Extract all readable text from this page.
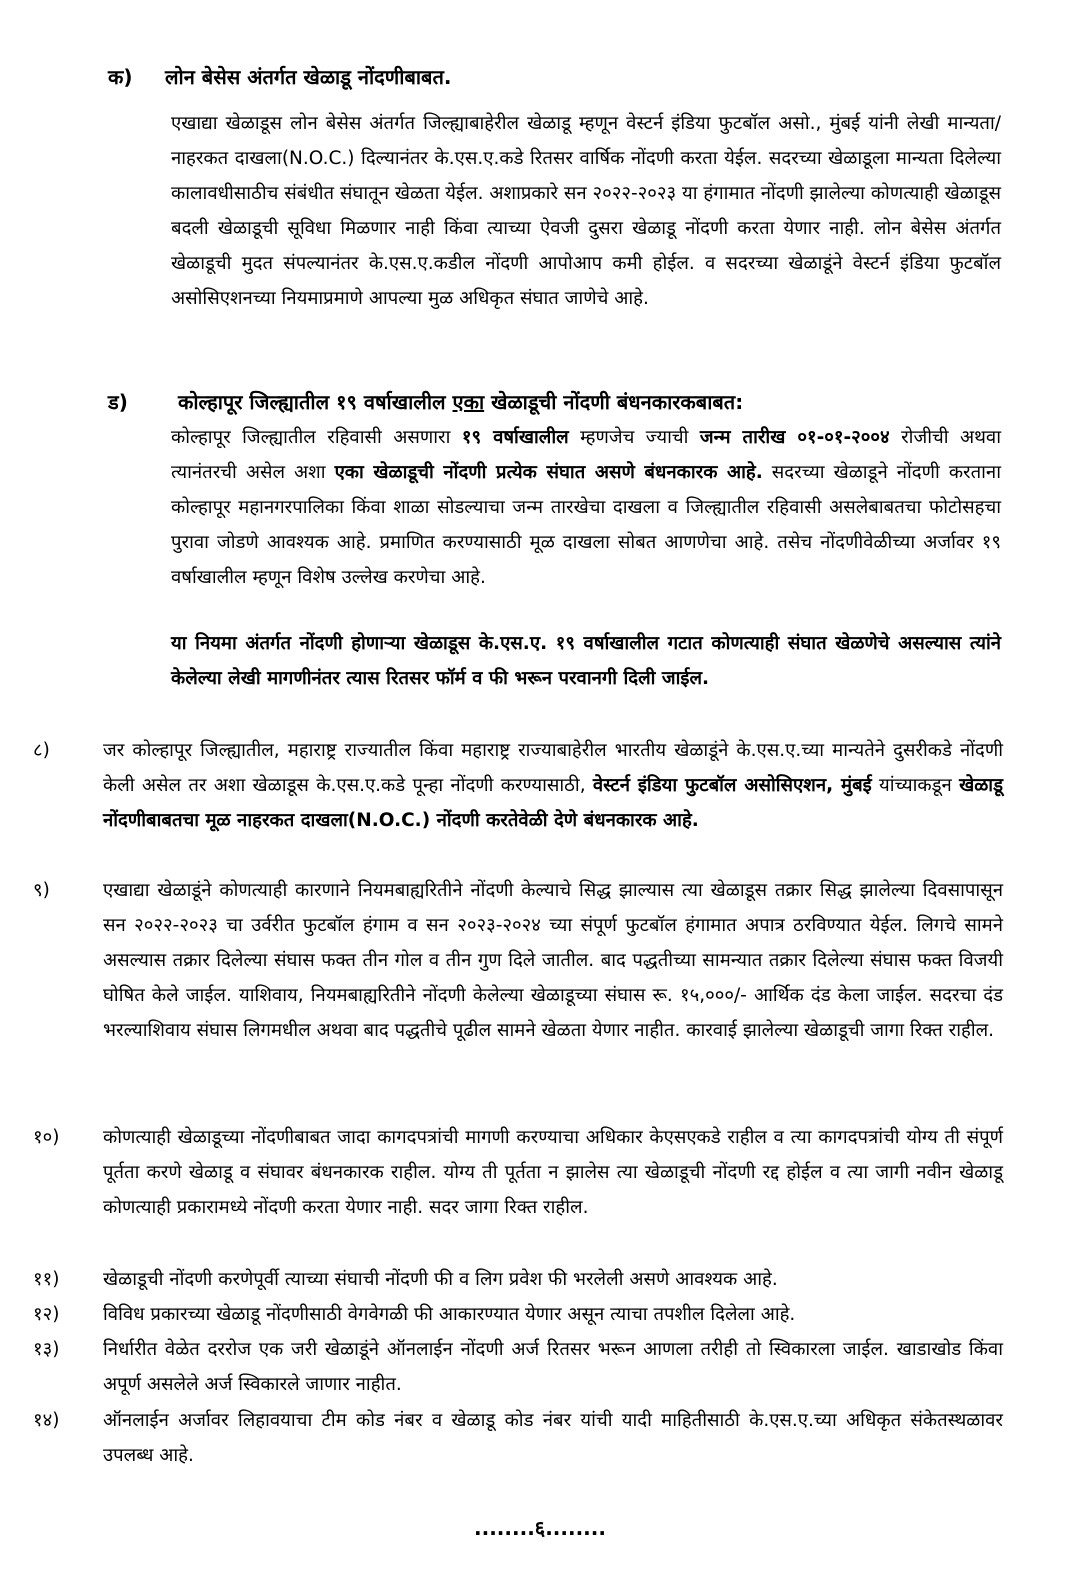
क) लोन बेसेस अंतर्गत खेळाडू नोंदणीबाबत.

एखाद्या खेळाडूस लोन बेसेस अंतर्गत जिल्ह्याबाहेरील खेळाडू म्हणून वेस्टर्न इंडिया फुटबॉल असो., मुंबई यांनी लेखी मान्यता/नाहरकत दाखला(N.O.C.) दिल्यानंतर के.एस.ए.कडे रितसर वार्षिक नोंदणी करता येईल. सदरच्या खेळाडूला मान्यता दिलेल्या कालावधीसाठीच संबंधीत संघातून खेळता येईल. अशाप्रकारे सन २०२२-२०२३ या हंगामात नोंदणी झालेल्या कोणत्याही खेळाडूस बदली खेळाडूची सूविधा मिळणार नाही किंवा त्याच्या ऐवजी दुसरा खेळाडू नोंदणी करता येणार नाही. लोन बेसेस अंतर्गत खेळाडूची मुदत संपल्यानंतर के.एस.ए.कडील नोंदणी आपोआप कमी होईल. व सदरच्या खेळाडूंने वेस्टर्न इंडिया फुटबॉल असोसिएशनच्या नियमाप्रमाणे आपल्या मुळ अधिकृत संघात जाणेचे आहे.

ड)	कोल्हापूर जिल्ह्यातील १९ वर्षाखालील एका खेळाडूची नोंदणी बंधनकारकबाबत:

कोल्हापूर जिल्ह्यातील रहिवासी असणारा १९ वर्षाखालील म्हणजेच ज्याची जन्म तारीख ०१-०१-२००४ रोजीची अथवा त्यानंतरची असेल अशा एका खेळाडूची नोंदणी प्रत्येक संघात असणे बंधनकारक आहे. सदरच्या खेळाडूने नोंदणी करताना कोल्हापूर महानगरपालिका किंवा शाळा सोडल्याचा जन्म तारखेचा दाखला व जिल्ह्यातील रहिवासी असलेबाबतचा फोटोसहचा पुरावा जोडणे आवश्यक आहे. प्रमाणित करण्यासाठी मूळ दाखला सोबत आणणेचा आहे. तसेच नोंदणीवेळीच्या अर्जावर १९ वर्षाखालील म्हणून विशेष उल्लेख करणेचा आहे.

या नियमा अंतर्गत नोंदणी होणाऱ्या खेळाडूस के.एस.ए. १९ वर्षाखालील गटात कोणत्याही संघात खेळणेचे असल्यास त्यांने केलेल्या लेखी मागणीनंतर त्यास रितसर फॉर्म व फी भरून परवानगी दिली जाईल.

८)	जर कोल्हापूर जिल्ह्यातील, महाराष्ट्र राज्यातील किंवा महाराष्ट्र राज्याबाहेरील भारतीय खेळाडूंने के.एस.ए.च्या मान्यतेने दुसरीकडे नोंदणी केली असेल तर अशा खेळाडूस के.एस.ए.कडे पून्हा नोंदणी करण्यासाठी, वेस्टर्न इंडिया फुटबॉल असोसिएशन, मुंबई यांच्याकडून खेळाडू नोंदणीबाबतचा मूळ नाहरकत दाखला(N.O.C.) नोंदणी करतेवेळी देणे बंधनकारक आहे.

९)	एखाद्या खेळाडूंने कोणत्याही कारणाने नियमबाह्यरितीने नोंदणी केल्याचे सिद्ध झाल्यास त्या खेळाडूस तक्रार सिद्ध झालेल्या दिवसापासून सन २०२२-२०२३ चा उर्वरीत फुटबॉल हंगाम व सन २०२३-२०२४ च्या संपूर्ण फुटबॉल हंगामात अपात्र ठरविण्यात येईल. लिगचे सामने असल्यास तक्रार दिलेल्या संघास फक्त तीन गोल व तीन गुण दिले जातील. बाद पद्धतीच्या सामन्यात तक्रार दिलेल्या संघास फक्त विजयी घोषित केले जाईल. याशिवाय, नियमबाह्यरितीने नोंदणी केलेल्या खेळाडूच्या संघास रू. १५,०००/- आर्थिक दंड केला जाईल. सदरचा दंड भरल्याशिवाय संघास लिगमधील अथवा बाद पद्धतीचे पूढील सामने खेळता येणार नाहीत. कारवाई झालेल्या खेळाडूची जागा रिक्त राहील.

१०) कोणत्याही खेळाडूच्या नोंदणीबाबत जादा कागदपत्रांची मागणी करण्याचा अधिकार केएसएकडे राहील व त्या कागदपत्रांची योग्य ती संपूर्ण पूर्तता करणे खेळाडू व संघावर बंधनकारक राहील. योग्य ती पूर्तता न झालेस त्या खेळाडूची नोंदणी रद्द होईल व त्या जागी नवीन खेळाडू कोणत्याही प्रकारामध्ये नोंदणी करता येणार नाही. सदर जागा रिक्त राहील.

११) खेळाडूची नोंदणी करणेपूर्वी त्याच्या संघाची नोंदणी फी व लिग प्रवेश फी भरलेली असणे आवश्यक आहे.

१२) विविध प्रकारच्या खेळाडू नोंदणीसाठी वेगवेगळी फी आकारण्यात येणार असून त्याचा तपशील दिलेला आहे.

१३) निर्धारीत वेळेत दररोज एक जरी खेळाडूंने ऑनलाईन नोंदणी अर्ज रितसर भरून आणला तरीही तो स्विकारला जाईल. खाडाखोड किंवा अपूर्ण असलेले अर्ज स्विकारले जाणार नाहीत.

१४) ऑनलाईन अर्जावर लिहावयाचा टीम कोड नंबर व खेळाडू कोड नंबर यांची यादी माहितीसाठी के.एस.ए.च्या अधिकृत संकेतस्थळावर उपलब्ध आहे.

........६........
